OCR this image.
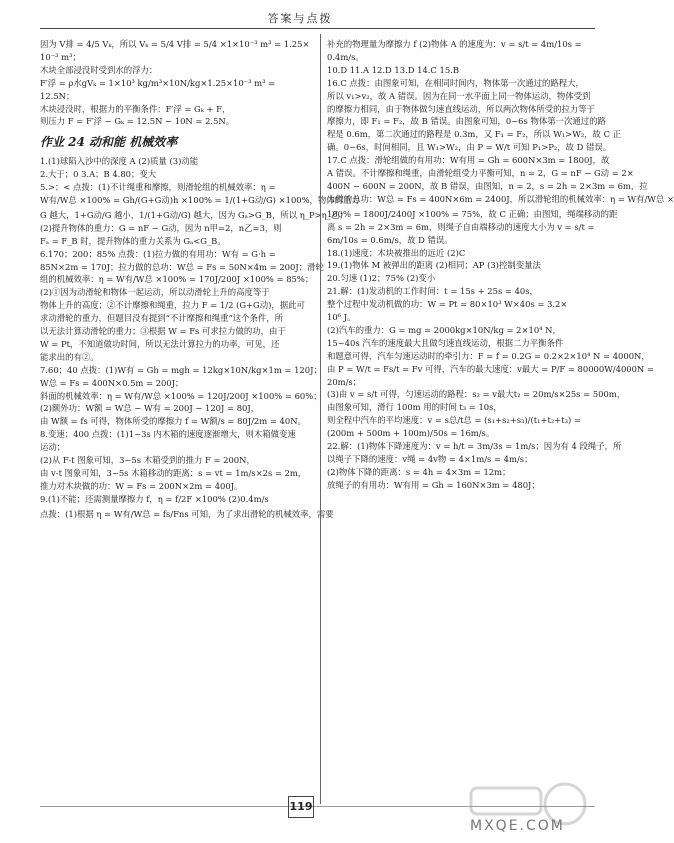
答案与点拨
因为 V排 = 4/5 Vₖ，所以 Vₖ = 5/4 V排 = 5/4 ×1×10⁻³ m³ = 1.25×
10⁻³ m³；
木块全部浸没时受到水的浮力：
F′浮 = ρ水gVₖ = 1×10³ kg/m³×10N/kg×1.25×10⁻³ m³ =
12.5N；
木块浸没时，根据力的平衡条件：F′浮 = Gₖ + F，
则压力 F = F′浮 − Gₖ = 12.5N − 10N = 2.5N。
作业 24 动和能 机械效率
1.(1)球陷入沙中的深度 A (2)质量 (3)动能
2.大于；0 3.A；B 4.80；变大
5.>；< 点拨：(1)不计绳重和摩擦，则滑轮组的机械效率：η =
W有/W总 ×100% = Gh/(G+G动)h ×100% = 1/(1+G动/G) ×100%，物体的重力
G 越大，1+G动/G 越小，1/(1+G动/G) 越大，因为 Gₐ>G_B，所以 η_P>η_乙；
(2)提升物体的重力：G = nF − G动，因为 n甲=2，n乙=3，则
Fₐ = F_B 时，提升物体的重力关系为 Gₐ<G_B。
6.170；200；85% 点拨：(1)拉力做的有用功：W有 = G·h =
85N×2m = 170J；拉力做的总功：W总 = Fs = 50N×4m = 200J；滑轮
组的机械效率：η = W有/W总 ×100% = 170J/200J ×100% = 85%；
(2)①因为动滑轮和物体一起运动，所以动滑轮上升的高度等于
物体上升的高度；②不计摩擦和绳重，拉力 F = 1/2 (G+G动)，据此可
求动滑轮的重力，但题目没有提到“不计摩擦和绳重”这个条件，所
以无法计算动滑轮的重力；③根据 W = Fs 可求拉力做的功，由于
W = Pt，不知道做功时间，所以无法计算拉力的功率，可见，还
能求出的有②。
7.60；40 点拨：(1)W有 = Gh = mgh = 12kg×10N/kg×1m = 120J；
W总 = Fs = 400N×0.5m = 200J；
斜面的机械效率：η = W有/W总 ×100% = 120J/200J ×100% = 60%；
(2)额外功：W额 = W总 − W有 = 200J − 120J = 80J，
由 W额 = fs 可得，物体所受的摩擦力 f = W额/s = 80J/2m = 40N。
8.变速；400 点拨：(1)1~3s 内木箱的速度逐渐增大，则木箱做变速
运动；
(2)从 F-t 图象可知，3~5s 木箱受到的推力 F = 200N，
由 v-t 图象可知，3~5s 木箱移动的距离：s = vt = 1m/s×2s = 2m，
推力对木块做的功：W = Fs = 200N×2m = 400J。
9.(1)不能；还需测量摩擦力 f，η = f/2F ×100% (2)0.4m/s
点拨：(1)根据 η = W有/W总 = fs/Fns 可知，为了求出滑轮的机械效率，需要
补充的物理量为摩擦力 f (2)物体 A 的速度为：v = s/t = 4m/10s =
0.4m/s。
10.D 11.A 12.D 13.D 14.C 15.B
16.C 点拨：由图象可知，在相同时间内，物体第一次通过的路程大，
所以 v₁>v₂，故 A 错误。因为在同一水平面上同一物体运动，物体受到
的摩擦力相同，由于物体做匀速直线运动，所以两次物体所受的拉力等于
摩擦力，即 F₁ = F₂，故 B 错误。由图象可知，0~6s 物体第一次通过的路
程是 0.6m，第二次通过的路程是 0.3m，又 F₁ = F₂，所以 W₁>W₂，故 C 正
确。0~6s，时间相同，且 W₁>W₂，由 P = W/t 可知 P₁>P₂，故 D 错误。
17.C 点拨：滑轮组做的有用功：W有用 = Gh = 600N×3m = 1800J，故
A 错误。不计摩擦和绳重，由滑轮组受力平衡可知，n = 2，G = nF − G动 = 2×
400N − 600N = 200N，故 B 错误，由图知，n = 2，s = 2h = 2×3m = 6m，拉
力做的总功：W总 = Fs = 400N×6m = 2400J，所以滑轮组的机械效率：η = W有/W总 ×
100% = 1800J/2400J ×100% = 75%，故 C 正确；由图知，绳端移动的距
离 s = 2h = 2×3m = 6m，则绳子自由端移动的速度大小为 v = s/t =
6m/10s = 0.6m/s，故 D 错误。
18.(1)速度；木块被推出的远近 (2)C
19.(1)物体 M 被弹出的距离 (2)相同；AP (3)控制变量法
20.匀速 (1)2；75% (2)变小
21.解：(1)发动机的工作时间：t = 15s + 25s = 40s，
整个过程中发动机做的功：W = Pt = 80×10³ W×40s = 3.2×
10⁶ J。
(2)汽车的重力：G = mg = 2000kg×10N/kg = 2×10⁴ N，
15~40s 汽车的速度最大且做匀速直线运动，根据二力平衡条件
和题意可得，汽车匀速运动时的牵引力：F = f = 0.2G = 0.2×2×10⁴ N = 4000N，
由 P = W/t = Fs/t = Fv 可得，汽车的最大速度：v最大 = P/F = 80000W/4000N =
20m/s；
(3)由 v = s/t 可得，匀速运动的路程：s₂ = v最大t₂ = 20m/s×25s = 500m，
由图象可知，滑行 100m 用的时间 t₃ = 10s，
则全程中汽车的平均速度：v = s总/t总 = (s₁+s₂+s₃)/(t₁+t₂+t₃) =
(200m + 500m + 100m)/50s = 16m/s。
22.解：(1)物体下降速度为：v = h/t = 3m/3s = 1m/s；因为有 4 段绳子，所
以绳子下降的速度：v绳 = 4v物 = 4×1m/s = 4m/s；
(2)物体下降的距离：s = 4h = 4×3m = 12m；
放绳子的有用功：W有用 = Gh = 160N×3m = 480J；
119
MXQE.COM
